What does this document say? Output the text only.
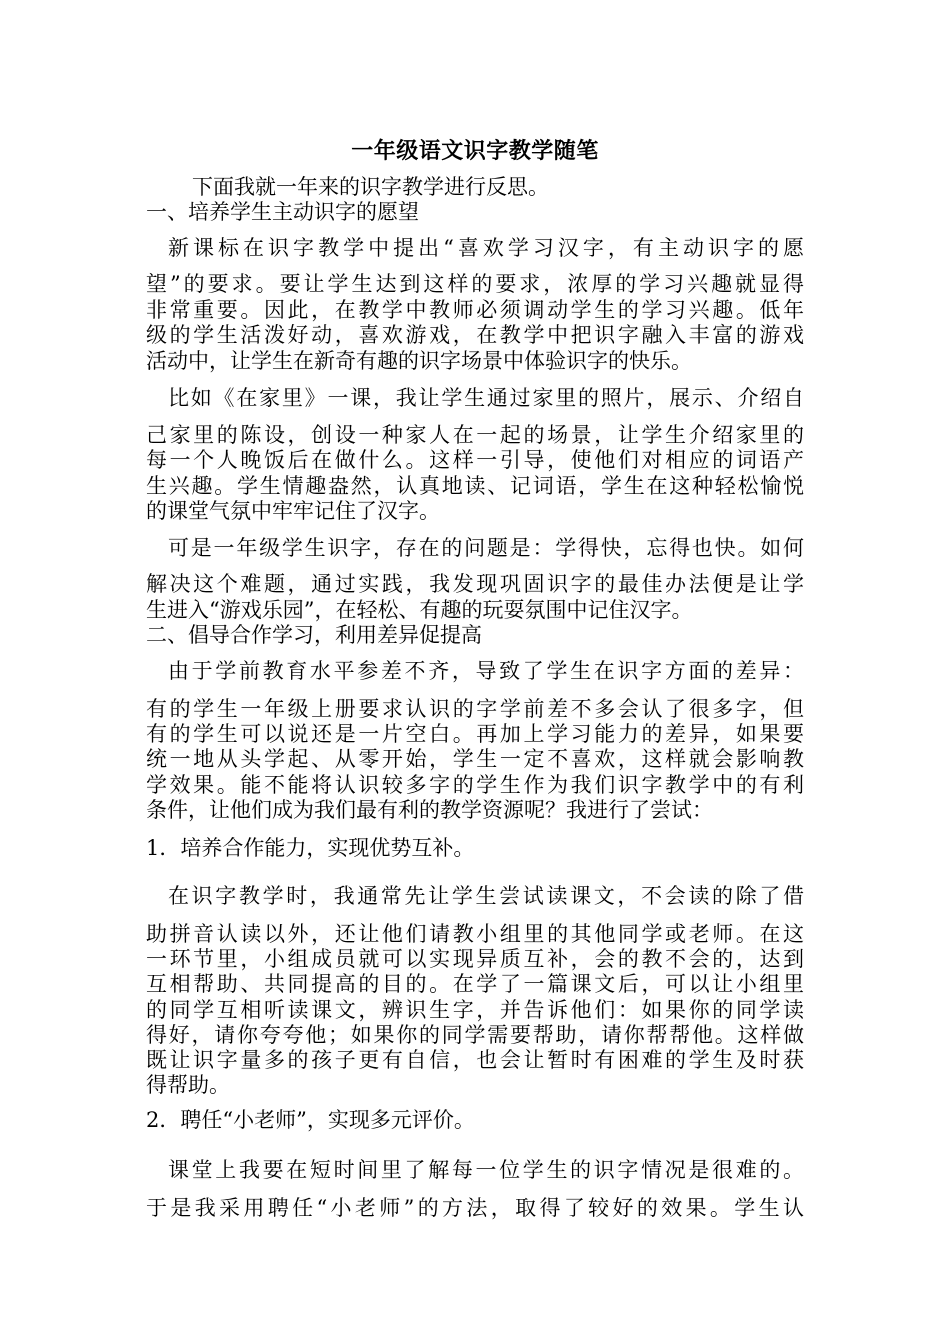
一年级语文识字教学随笔
下面我就一年来的识字教学进行反思。
一、培养学生主动识字的愿望
新课标在识字教学中提出“喜欢学习汉字，有主动识字的愿
望”的要求。要让学生达到这样的要求，浓厚的学习兴趣就显得
非常重要。因此，在教学中教师必须调动学生的学习兴趣。低年
级的学生活泼好动，喜欢游戏，在教学中把识字融入丰富的游戏
活动中，让学生在新奇有趣的识字场景中体验识字的快乐。
比如《在家里》一课，我让学生通过家里的照片，展示、介绍自
己家里的陈设，创设一种家人在一起的场景，让学生介绍家里的
每一个人晚饭后在做什么。这样一引导，使他们对相应的词语产
生兴趣。学生情趣盎然，认真地读、记词语，学生在这种轻松愉悦
的课堂气氛中牢牢记住了汉字。
可是一年级学生识字，存在的问题是：学得快，忘得也快。如何
解决这个难题，通过实践，我发现巩固识字的最佳办法便是让学
生进入“游戏乐园”，在轻松、有趣的玩耍氛围中记住汉字。
二、倡导合作学习，利用差异促提高
由于学前教育水平参差不齐，导致了学生在识字方面的差异：
有的学生一年级上册要求认识的字学前差不多会认了很多字，但
有的学生可以说还是一片空白。再加上学习能力的差异，如果要
统一地从头学起、从零开始，学生一定不喜欢，这样就会影响教
学效果。能不能将认识较多字的学生作为我们识字教学中的有利
条件，让他们成为我们最有利的教学资源呢？我进行了尝试：
1．培养合作能力，实现优势互补。
在识字教学时，我通常先让学生尝试读课文，不会读的除了借
助拼音认读以外，还让他们请教小组里的其他同学或老师。在这
一环节里，小组成员就可以实现异质互补，会的教不会的，达到
互相帮助、共同提高的目的。在学了一篇课文后，可以让小组里
的同学互相听读课文，辨识生字，并告诉他们：如果你的同学读
得好，请你夸夸他；如果你的同学需要帮助，请你帮帮他。这样做
既让识字量多的孩子更有自信，也会让暂时有困难的学生及时获
得帮助。
2．聘任“小老师”，实现多元评价。
课堂上我要在短时间里了解每一位学生的识字情况是很难的。
于是我采用聘任“小老师”的方法，取得了较好的效果。学生认
